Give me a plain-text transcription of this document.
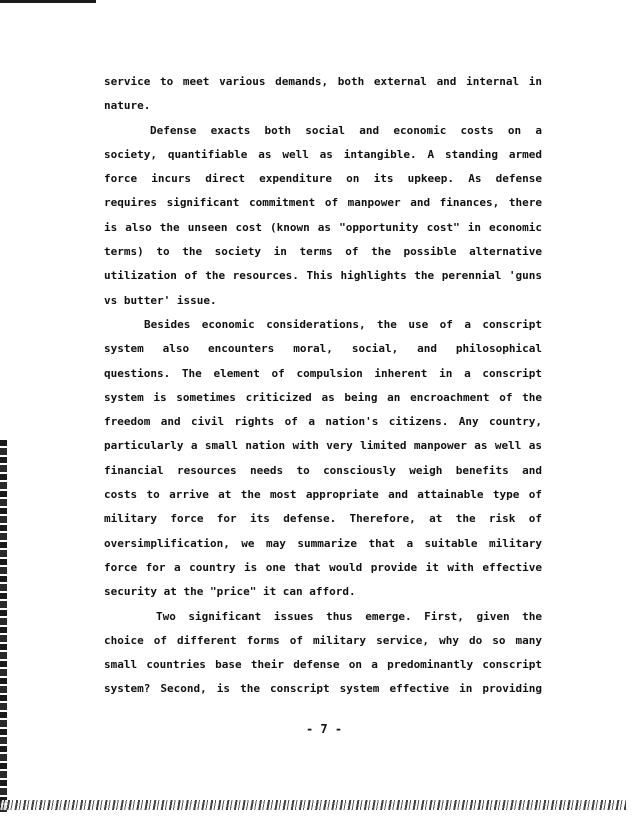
service to meet various demands, both external and internal in
nature.
Defense exacts both social and economic costs on a
society, quantifiable as well as intangible. A standing armed
force incurs direct expenditure on its upkeep. As defense
requires significant commitment of manpower and finances, there
is also the unseen cost (known as "opportunity cost" in economic
terms) to the society in terms of the possible alternative
utilization of the resources. This highlights the perennial 'guns
vs butter' issue.
Besides economic considerations, the use of a conscript
system also encounters moral, social, and philosophical
questions. The element of compulsion inherent in a conscript
system is sometimes criticized as being an encroachment of the
freedom and civil rights of a nation's citizens. Any country,
particularly a small nation with very limited manpower as well as
financial resources needs to consciously weigh benefits and
costs to arrive at the most appropriate and attainable type of
military force for its defense. Therefore, at the risk of
oversimplification, we may summarize that a suitable military
force for a country is one that would provide it with effective
security at the "price" it can afford.
Two significant issues thus emerge. First, given the
choice of different forms of military service, why do so many
small countries base their defense on a predominantly conscript
system? Second, is the conscript system effective in providing
- 7 -
